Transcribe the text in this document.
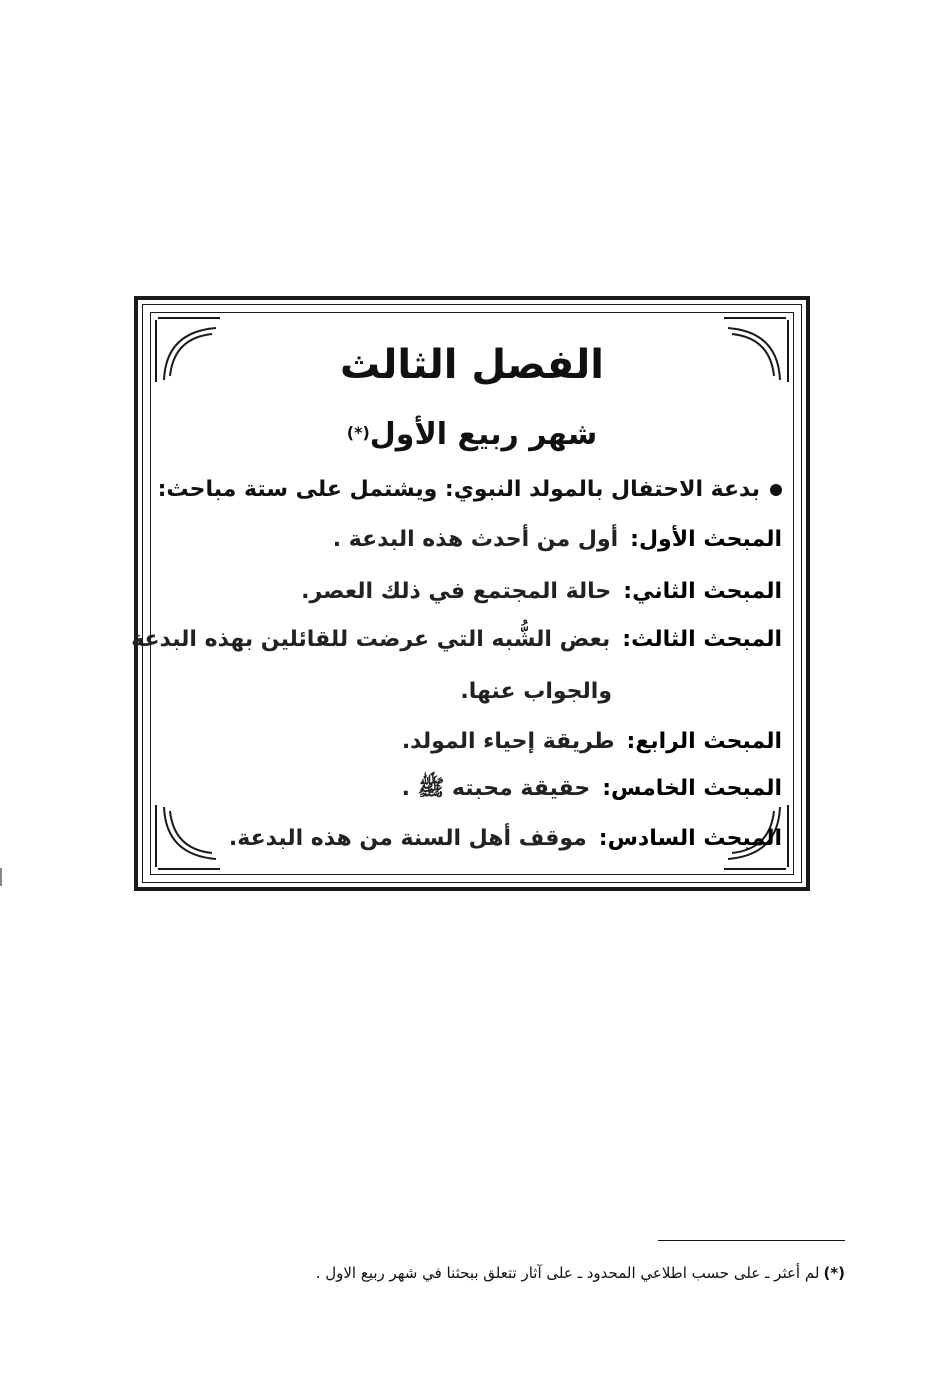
الفصل الثالث
شهر ربيع الأول(*)
بدعة الاحتفال بالمولد النبوي: ويشتمل على ستة مباحث:
المبحث الأول:أول من أحدث هذه البدعة .
المبحث الثاني:حالة المجتمع في ذلك العصر.
المبحث الثالث:بعض الشُّبه التي عرضت للقائلين بهذه البدعة
والجواب عنها.
المبحث الرابع:طريقة إحياء المولد.
المبحث الخامس:حقيقة محبته ﷺ .
المبحث السادس:موقف أهل السنة من هذه البدعة.
(*)لم أعثر ـ على حسب اطلاعي المحدود ـ على آثار تتعلق ببحثنا في شهر ربيع الاول .
